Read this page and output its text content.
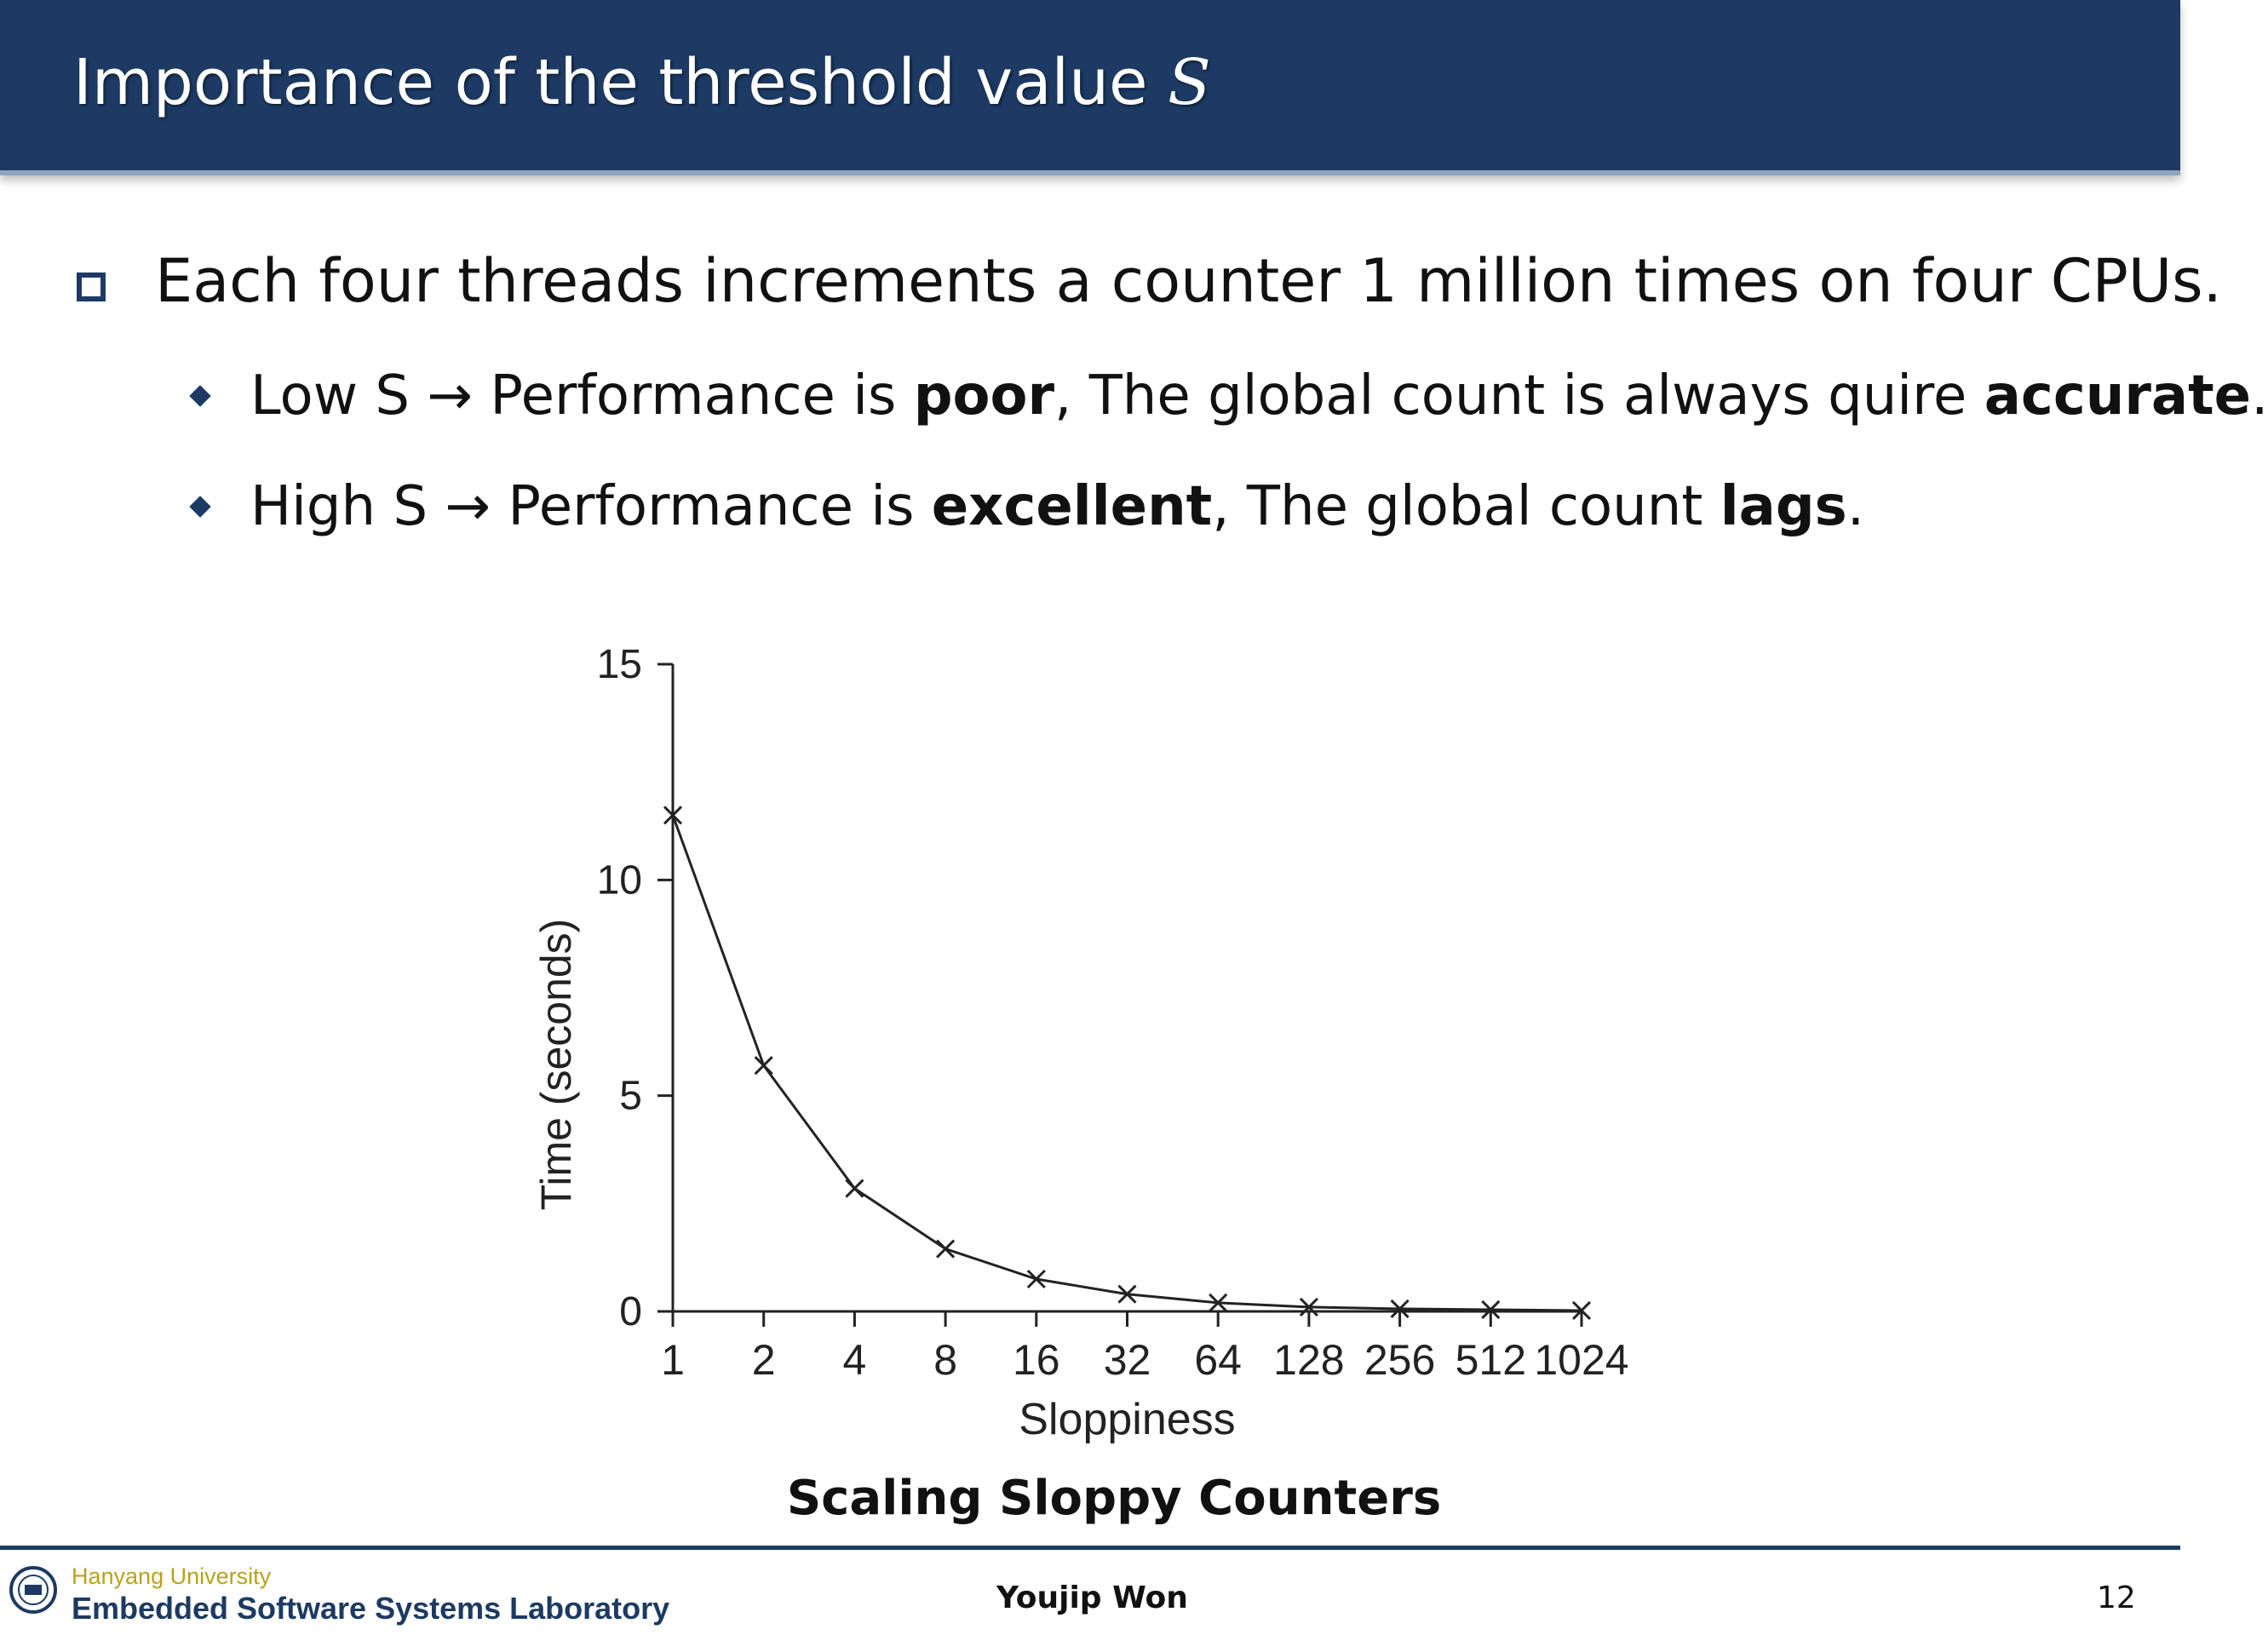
Importance of the threshold value S
Each four threads increments a counter 1 million times on four CPUs.
Low S → Performance is poor, The global count is always quire accurate.
High S → Performance is excellent, The global count lags.
0
5
10
15
1 2 4 8 16 32 64 128 256 512 1024
Sloppiness
Time (seconds)
Scaling Sloppy Counters
Hanyang University
Embedded Software Systems Laboratory	Youjip Won	12
